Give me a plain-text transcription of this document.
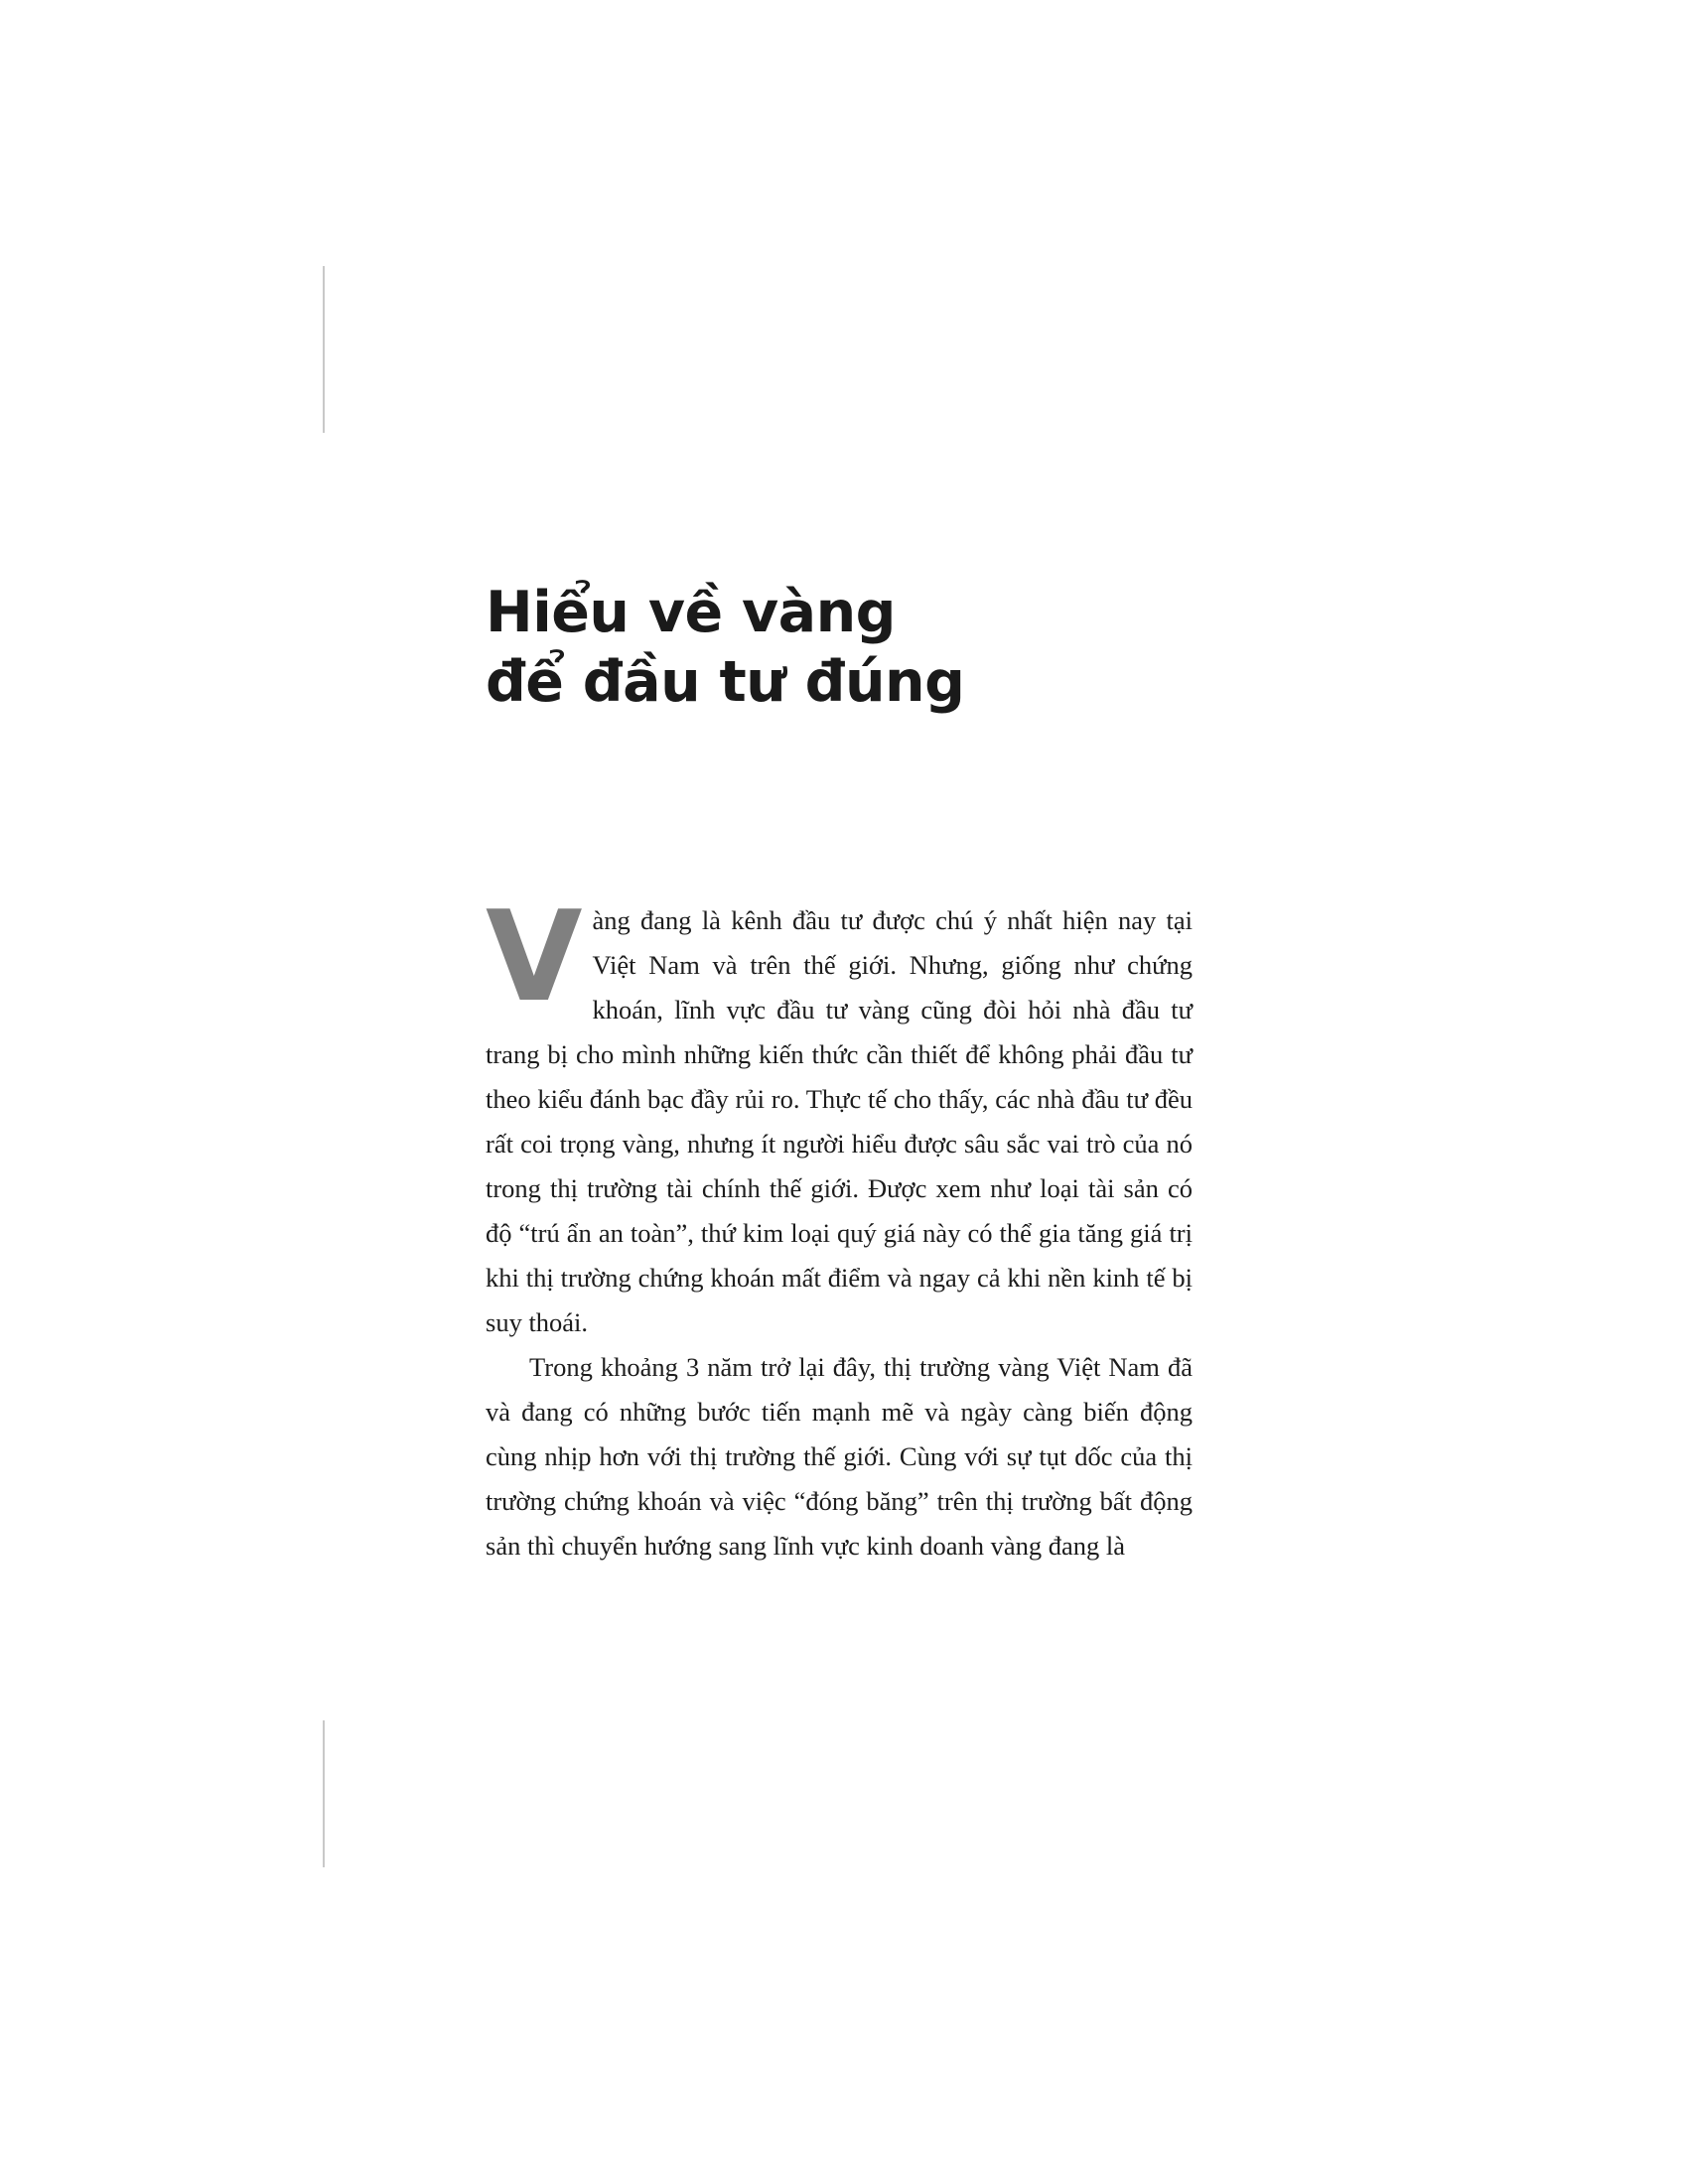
Hiểu về vàng
để đầu tư đúng

Vàng đang là kênh đầu tư được chú ý nhất hiện nay tại Việt Nam và trên thế giới. Nhưng, giống như chứng khoán, lĩnh vực đầu tư vàng cũng đòi hỏi nhà đầu tư trang bị cho mình những kiến thức cần thiết để không phải đầu tư theo kiểu đánh bạc đầy rủi ro. Thực tế cho thấy, các nhà đầu tư đều rất coi trọng vàng, nhưng ít người hiểu được sâu sắc vai trò của nó trong thị trường tài chính thế giới. Được xem như loại tài sản có độ “trú ẩn an toàn”, thứ kim loại quý giá này có thể gia tăng giá trị khi thị trường chứng khoán mất điểm và ngay cả khi nền kinh tế bị suy thoái.

Trong khoảng 3 năm trở lại đây, thị trường vàng Việt Nam đã và đang có những bước tiến mạnh mẽ và ngày càng biến động cùng nhịp hơn với thị trường thế giới. Cùng với sự tụt dốc của thị trường chứng khoán và việc “đóng băng” trên thị trường bất động sản thì chuyển hướng sang lĩnh vực kinh doanh vàng đang là
